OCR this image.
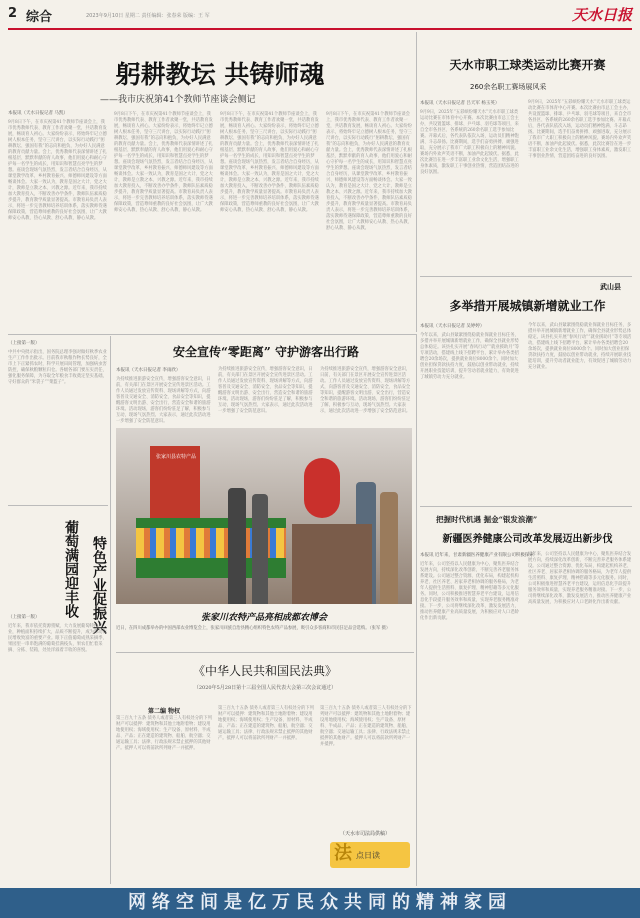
2 综合	2023年9月10日 星期二 责任编辑：张春荣 版编：王 军	天水日报
躬耕教坛 共铸师魂
——我市庆祝第41个教师节座谈会侧记
本报讯（天水日报记者 马凯）
9月8日下午，在市庆祝第41个教师节座谈会上，我市优秀教师代表、教育工作者欢聚一堂，共话教育发展，畅谈育人初心。大家纷纷表示，将始终牢记立德树人根本任务，坚守三尺讲台，以实际行动践行“躬耕教坛、强国有我”的志向和抱负，为办好人民满意的教育贡献力量。会上，优秀教师代表深情讲述了扎根基层、默默奉献的育人故事，他们用爱心和耐心守护每一名学生的成长，用知识和智慧点亮学生的梦想。座谈会现场气氛热烈，发言者结合自身经历，从课堂教学改革、乡村教育振兴、师德师风建设等方面畅谈体会。大家一致认为，教育是国之大计、党之大计，教师是立教之本、兴教之源。近年来，我市持续加大教育投入，不断改善办学条件，教师队伍素质稳步提升，教育教学质量显著提高。市教育局负责人表示，将进一步完善教师培养培训体系，落实教师待遇保障政策，营造尊师重教的良好社会氛围，让广大教师安心从教、热心从教、舒心从教、静心从教。
9月8日下午，在市庆祝第41个教师节座谈会上，我市优秀教师代表、教育工作者欢聚一堂，共话教育发展，畅谈育人初心。大家纷纷表示，将始终牢记立德树人根本任务，坚守三尺讲台，以实际行动践行“躬耕教坛、强国有我”的志向和抱负，为办好人民满意的教育贡献力量。会上，优秀教师代表深情讲述了扎根基层、默默奉献的育人故事，他们用爱心和耐心守护每一名学生的成长，用知识和智慧点亮学生的梦想。座谈会现场气氛热烈，发言者结合自身经历，从课堂教学改革、乡村教育振兴、师德师风建设等方面畅谈体会。大家一致认为，教育是国之大计、党之大计，教师是立教之本、兴教之源。近年来，我市持续加大教育投入，不断改善办学条件，教师队伍素质稳步提升，教育教学质量显著提高。市教育局负责人表示，将进一步完善教师培养培训体系，落实教师待遇保障政策，营造尊师重教的良好社会氛围，让广大教师安心从教、热心从教、舒心从教、静心从教。
9月8日下午，在市庆祝第41个教师节座谈会上，我市优秀教师代表、教育工作者欢聚一堂，共话教育发展，畅谈育人初心。大家纷纷表示，将始终牢记立德树人根本任务，坚守三尺讲台，以实际行动践行“躬耕教坛、强国有我”的志向和抱负，为办好人民满意的教育贡献力量。会上，优秀教师代表深情讲述了扎根基层、默默奉献的育人故事，他们用爱心和耐心守护每一名学生的成长，用知识和智慧点亮学生的梦想。座谈会现场气氛热烈，发言者结合自身经历，从课堂教学改革、乡村教育振兴、师德师风建设等方面畅谈体会。大家一致认为，教育是国之大计、党之大计，教师是立教之本、兴教之源。近年来，我市持续加大教育投入，不断改善办学条件，教师队伍素质稳步提升，教育教学质量显著提高。市教育局负责人表示，将进一步完善教师培养培训体系，落实教师待遇保障政策，营造尊师重教的良好社会氛围，让广大教师安心从教、热心从教、舒心从教、静心从教。
9月8日下午，在市庆祝第41个教师节座谈会上，我市优秀教师代表、教育工作者欢聚一堂，共话教育发展，畅谈育人初心。大家纷纷表示，将始终牢记立德树人根本任务，坚守三尺讲台，以实际行动践行“躬耕教坛、强国有我”的志向和抱负，为办好人民满意的教育贡献力量。会上，优秀教师代表深情讲述了扎根基层、默默奉献的育人故事，他们用爱心和耐心守护每一名学生的成长，用知识和智慧点亮学生的梦想。座谈会现场气氛热烈，发言者结合自身经历，从课堂教学改革、乡村教育振兴、师德师风建设等方面畅谈体会。大家一致认为，教育是国之大计、党之大计，教师是立教之本、兴教之源。近年来，我市持续加大教育投入，不断改善办学条件，教师队伍素质稳步提升，教育教学质量显著提高。市教育局负责人表示，将进一步完善教师培养培训体系，落实教师待遇保障政策，营造尊师重教的良好社会氛围，让广大教师安心从教、热心从教、舒心从教、静心从教。
天水市职工球类运动比赛开赛
260余名职工赛场展风采
本报讯（天水日报记者 吕天军 杨玉英）
9月9日，2025年“五彩缤纷耀天水”天水市职工球类运动比赛在市体育中心开赛。本次比赛由市总工会主办，共设置篮球、排球、乒乓球、羽毛球等项目，来自全市各县区、各系统的260余名职工选手参加比赛。开幕式后，各代表队依次入场，运动员们精神饱满、斗志昂扬。比赛期间，选手们奋勇拼搏、顽强进取，充分展示了我市广大职工积极向上的精神风貌。赛场内外欢声笑语不断，加油声此起彼伏。据悉，此次比赛旨在进一步丰富职工业余文化生活，增强职工身体素质，激发职工干事创业热情，营造团结奋进的良好氛围。
9月9日，2025年“五彩缤纷耀天水”天水市职工球类运动比赛在市体育中心开赛。本次比赛由市总工会主办，共设置篮球、排球、乒乓球、羽毛球等项目，来自全市各县区、各系统的260余名职工选手参加比赛。开幕式后，各代表队依次入场，运动员们精神饱满、斗志昂扬。比赛期间，选手们奋勇拼搏、顽强进取，充分展示了我市广大职工积极向上的精神风貌。赛场内外欢声笑语不断，加油声此起彼伏。据悉，此次比赛旨在进一步丰富职工业余文化生活，增强职工身体素质，激发职工干事创业热情，营造团结奋进的良好氛围。
武山县
多举措开展城镇新增就业工作
本报讯（天水日报记者 吴婷婷）
今年以来，武山县紧紧围绕稳就业保就业目标任务，多措并举开展城镇新增就业工作，确保全县就业形势总体稳定。该县扎实开展“春风行动”“就业援助月”等专项活动，搭建线上线下招聘平台，累计举办各类招聘会20余场次，提供就业岗位8000余个。同时加大创业担保贷款扶持力度，鼓励以创业带动就业，持续开展职业技能培训，提升劳动者就业能力，有效促进了城镇劳动力充分就业。
今年以来，武山县紧紧围绕稳就业保就业目标任务，多措并举开展城镇新增就业工作，确保全县就业形势总体稳定。该县扎实开展“春风行动”“就业援助月”等专项活动，搭建线上线下招聘平台，累计举办各类招聘会20余场次，提供就业岗位8000余个。同时加大创业担保贷款扶持力度，鼓励以创业带动就业，持续开展职业技能培训，提升劳动者就业能力，有效促进了城镇劳动力充分就业。
把握时代机遇 掘金“银发浪潮”
新疆医养健康公司改革发展迈出新步伐
本报讯 近年来，甘肃新疆医养健康产业有限公司积极探索
近年来，公司坚持以人民健康为中心，聚焦医养结合发展方向，持续深化改革创新，不断完善养老服务体系建设。公司通过整合资源、优化布局，构建起机构养老、社区养老、居家养老相协调的服务格局，为老年人提供生活照料、康复护理、精神慰藉等多元化服务。同时，公司积极推进智慧养老平台建设，运用信息化手段提升服务效率和质量，实现养老服务精准对接。下一步，公司将继续深化改革，激发发展活力，推动医养健康产业高质量发展，为积极应对人口老龄化作出新贡献。
近年来，公司坚持以人民健康为中心，聚焦医养结合发展方向，持续深化改革创新，不断完善养老服务体系建设。公司通过整合资源、优化布局，构建起机构养老、社区养老、居家养老相协调的服务格局，为老年人提供生活照料、康复护理、精神慰藉等多元化服务。同时，公司积极推进智慧养老平台建设，运用信息化手段提升服务效率和质量，实现养老服务精准对接。下一步，公司将继续深化改革，激发发展活力，推动医养健康产业高质量发展，为积极应对人口老龄化作出新贡献。
（上接第一版）
中共中央批示指出，国务院总理李强对做好秋季农业生产工作作出批示。目前我市秋粮作物长势良好，全市上下正紧抓农时，科学开展田间管理，加强病虫害防控，确保秋粮颗粒归仓。各级各部门要压实责任，强化服务保障，为夺取全年粮食丰收奠定坚实基础，守好群众的“米袋子”“菜篮子”。
葡萄满园迎丰收 特色产业促振兴
（上接第一版）
近年来，我市依托资源禀赋，大力发展葡萄特色产业，种植面积持续扩大，品质不断提升，成为带动农民增收致富的重要产业。眼下正值葡萄成熟采摘季，果园里一串串饱满的葡萄挂满枝头，果农们忙着采摘、分拣、装箱，处处洋溢着丰收的喜悦。
安全宣传“零距离” 守护游客出行路
本报讯（天水日报记者 李雨欣）
为持续推进旅游安全宣传，增强游客安全意识，日前，有关部门在景区开展安全宣传进景区活动。工作人员通过发放宣传资料、现场讲解等方式，向游客普及交通安全、消防安全、食品安全等知识，提醒游客文明出游、安全出行，营造安全和谐的旅游环境。活动现场，游客们纷纷驻足了解，积极参与互动，现场气氛热烈。大家表示，通过此次活动进一步增强了安全防范意识。
为持续推进旅游安全宣传，增强游客安全意识，日前，有关部门在景区开展安全宣传进景区活动。工作人员通过发放宣传资料、现场讲解等方式，向游客普及交通安全、消防安全、食品安全等知识，提醒游客文明出游、安全出行，营造安全和谐的旅游环境。活动现场，游客们纷纷驻足了解，积极参与互动，现场气氛热烈。大家表示，通过此次活动进一步增强了安全防范意识。
为持续推进旅游安全宣传，增强游客安全意识，日前，有关部门在景区开展安全宣传进景区活动。工作人员通过发放宣传资料、现场讲解等方式，向游客普及交通安全、消防安全、食品安全等知识，提醒游客文明出游、安全出行，营造安全和谐的旅游环境。活动现场，游客们纷纷驻足了解，积极参与互动，现场气氛热烈。大家表示，通过此次活动进一步增强了安全防范意识。
张家川县农特产品
张家川农特产品亮相成都农博会
近日，在四川成都举办的中国西部农业博览会上，张家川回族自治县精心组织特色农特产品参展，吸引众多客商和市民驻足品尝选购。（张军 摄）
《中华人民共和国民法典》
（2020年5月28日第十三届全国人民代表大会第三次会议通过）
第二编 物权
第三百九十五条 债务人或者第三人有权处分的下列财产可以抵押：建筑物和其他土地附着物；建设用地使用权；海域使用权；生产设备、原材料、半成品、产品；正在建造的建筑物、船舶、航空器；交通运输工具；法律、行政法规未禁止抵押的其他财产。抵押人可以将前款所列财产一并抵押。
第三百九十五条 债务人或者第三人有权处分的下列财产可以抵押：建筑物和其他土地附着物；建设用地使用权；海域使用权；生产设备、原材料、半成品、产品；正在建造的建筑物、船舶、航空器；交通运输工具；法律、行政法规未禁止抵押的其他财产。抵押人可以将前款所列财产一并抵押。
第三百九十五条 债务人或者第三人有权处分的下列财产可以抵押：建筑物和其他土地附着物；建设用地使用权；海域使用权；生产设备、原材料、半成品、产品；正在建造的建筑物、船舶、航空器；交通运输工具；法律、行政法规未禁止抵押的其他财产。抵押人可以将前款所列财产一并抵押。
（天水市司法局供稿）
法 点日读
网络空间是亿万民众共同的精神家园
